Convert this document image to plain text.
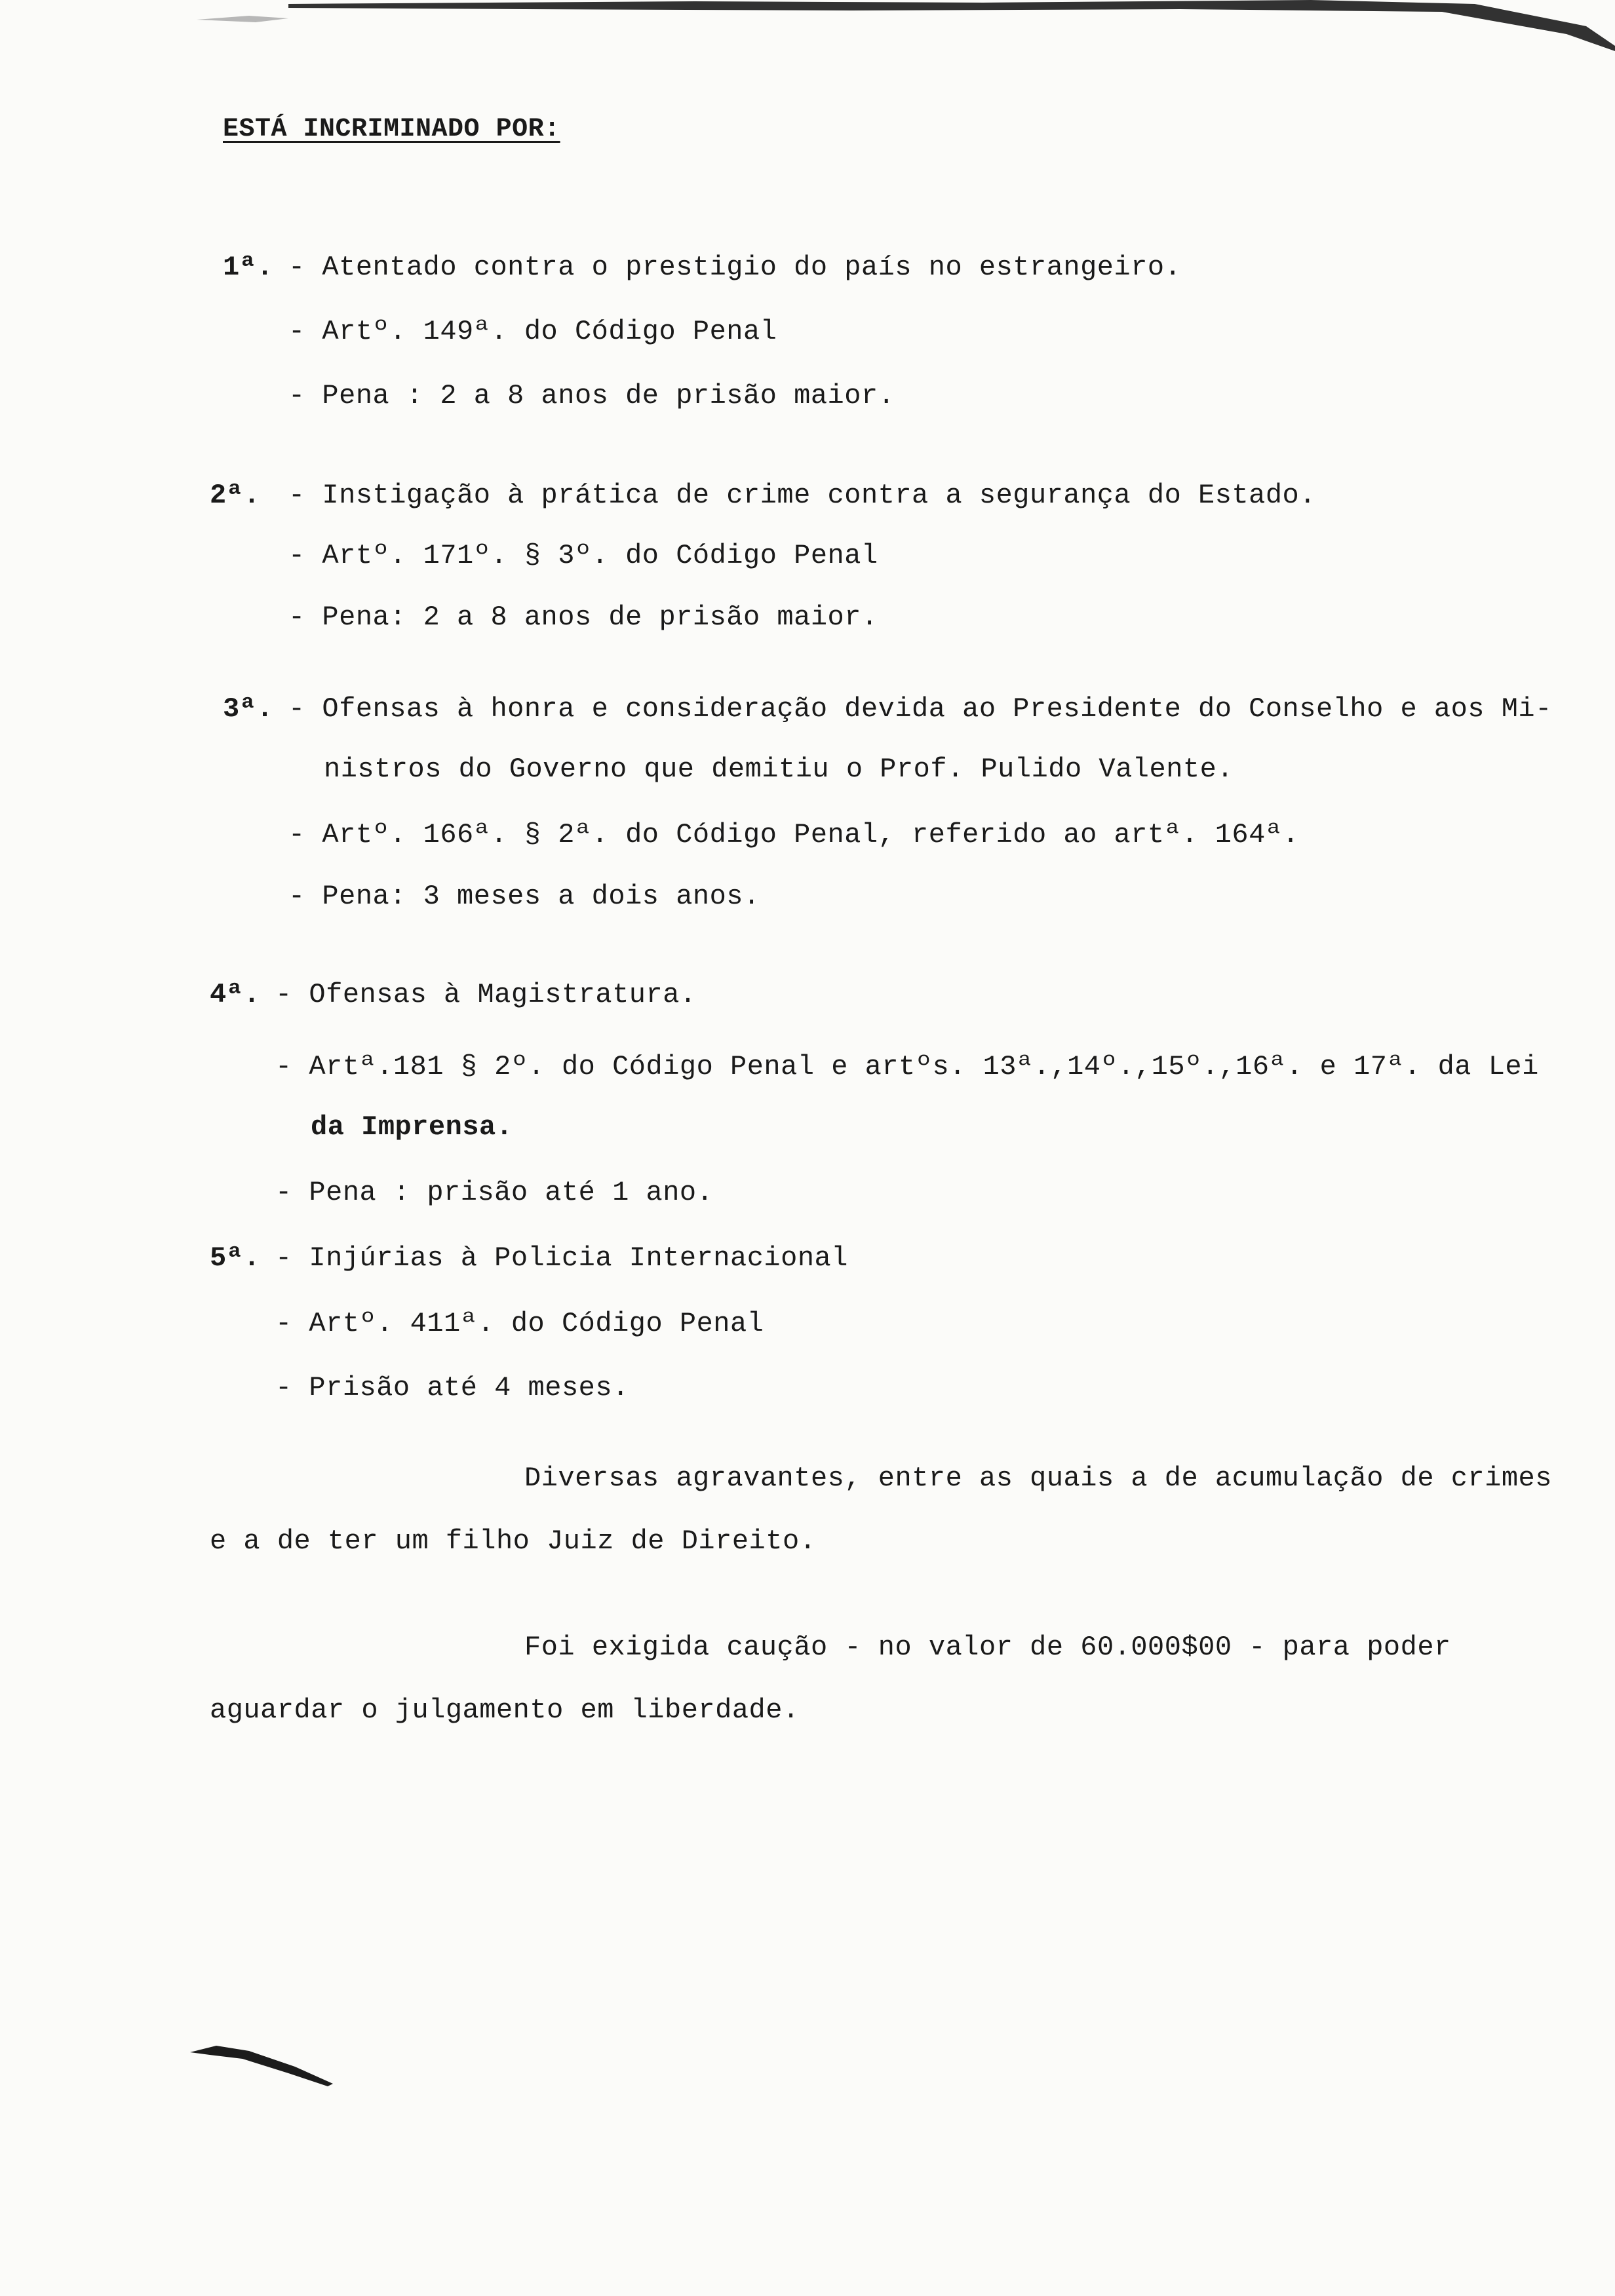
ESTÁ INCRIMINADO POR:
1ª. - Atentado contra o prestigio do país no estrangeiro.
- Artº. 149ª. do Código Penal
- Pena : 2 a 8 anos de prisão maior.
2ª. - Instigação à prática de crime contra a segurança do Estado.
- Artº. 171º. § 3º. do Código Penal
- Pena: 2 a 8 anos de prisão maior.
3ª. - Ofensas à honra e consideração devida ao Presidente do Conselho e aos Mi-
nistros do Governo que demitiu o Prof. Pulido Valente.
- Artº. 166ª. § 2ª. do Código Penal, referido ao artª. 164ª.
- Pena: 3 meses a dois anos.
4ª. - Ofensas à Magistratura.
- Artª.181 § 2º. do Código Penal e artºs. 13ª.,14º.,15º.,16ª. e 17ª. da Lei
da Imprensa.
- Pena : prisão até 1 ano.
5ª. - Injúrias à Policia Internacional
- Artº. 411ª. do Código Penal
- Prisão até 4 meses.
Diversas agravantes, entre as quais a de acumulação de crimes
e a de ter um filho Juiz de Direito.
Foi exigida caução - no valor de 60.000$00 - para poder
aguardar o julgamento em liberdade.
